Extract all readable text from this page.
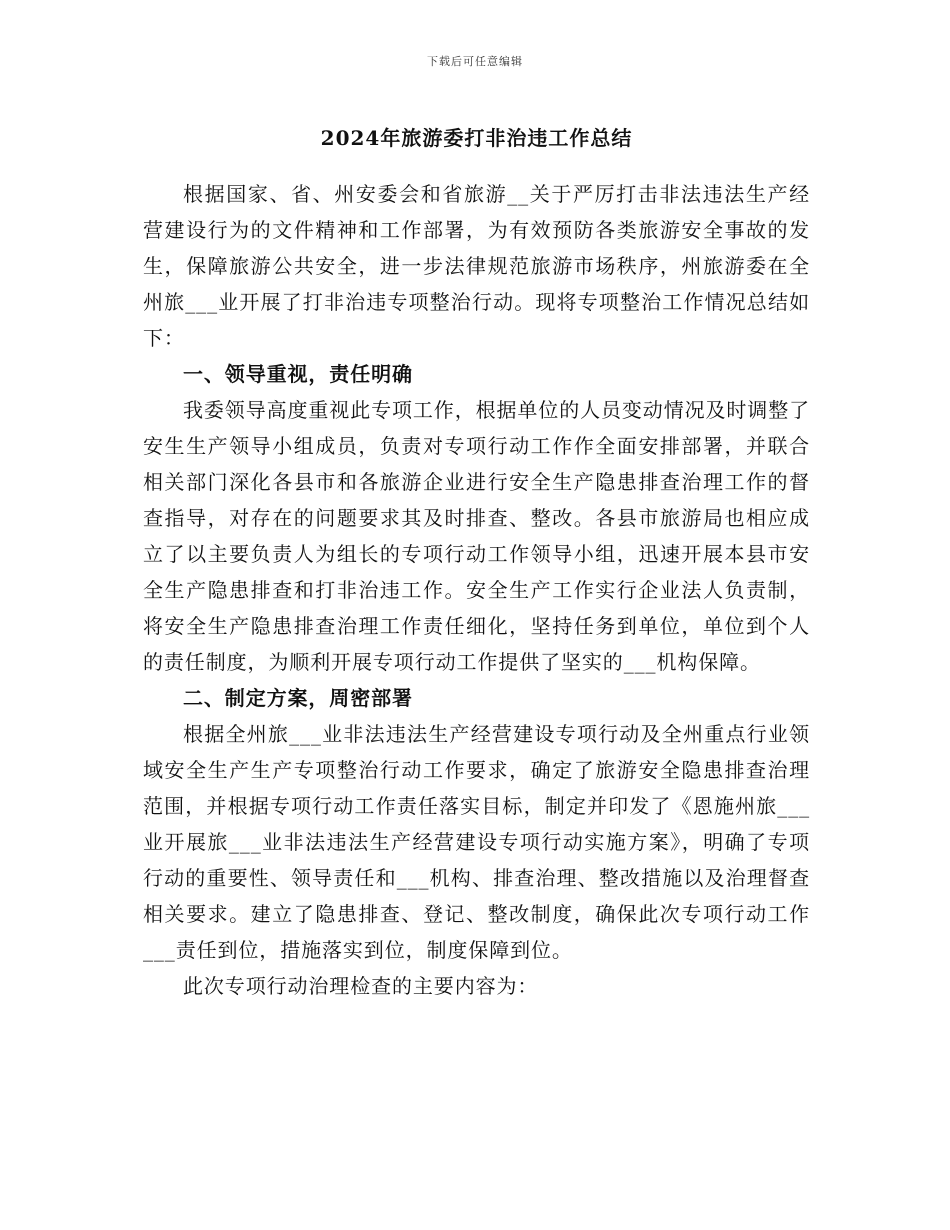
下载后可任意编辑
2024年旅游委打非治违工作总结

根据国家、省、州安委会和省旅游__关于严厉打击非法违法生产经营建设行为的文件精神和工作部署，为有效预防各类旅游安全事故的发生，保障旅游公共安全，进一步法律规范旅游市场秩序，州旅游委在全州旅___业开展了打非治违专项整治行动。现将专项整治工作情况总结如下：

一、领导重视，责任明确

我委领导高度重视此专项工作，根据单位的人员变动情况及时调整了安生生产领导小组成员，负责对专项行动工作作全面安排部署，并联合相关部门深化各县市和各旅游企业进行安全生产隐患排查治理工作的督查指导，对存在的问题要求其及时排查、整改。各县市旅游局也相应成立了以主要负责人为组长的专项行动工作领导小组，迅速开展本县市安全生产隐患排查和打非治违工作。安全生产工作实行企业法人负责制，将安全生产隐患排查治理工作责任细化，坚持任务到单位，单位到个人的责任制度，为顺利开展专项行动工作提供了坚实的___机构保障。

二、制定方案，周密部署

根据全州旅___业非法违法生产经营建设专项行动及全州重点行业领域安全生产生产专项整治行动工作要求，确定了旅游安全隐患排查治理范围，并根据专项行动工作责任落实目标，制定并印发了《恩施州旅___业开展旅___业非法违法生产经营建设专项行动实施方案》，明确了专项行动的重要性、领导责任和___机构、排查治理、整改措施以及治理督查相关要求。建立了隐患排查、登记、整改制度，确保此次专项行动工作___责任到位，措施落实到位，制度保障到位。

此次专项行动治理检查的主要内容为：
